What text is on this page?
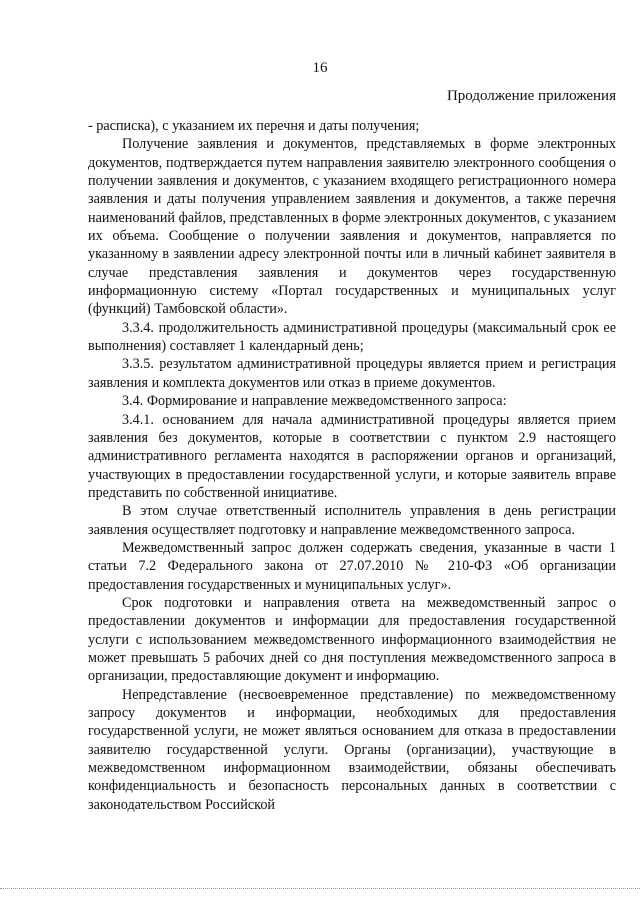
16
Продолжение приложения

- расписка), с указанием их перечня и даты получения;

Получение заявления и документов, представляемых в форме электронных документов, подтверждается путем направления заявителю электронного сообщения о получении заявления и документов, с указанием входящего регистрационного номера заявления и даты получения управлением заявления и документов, а также перечня наименований файлов, представленных в форме электронных документов, с указанием их объема. Сообщение о получении заявления и документов, направляется по указанному в заявлении адресу электронной почты или в личный кабинет заявителя в случае представления заявления и документов через государственную информационную систему «Портал государственных и муниципальных услуг (функций) Тамбовской области».

3.3.4. продолжительность административной процедуры (максимальный срок ее выполнения) составляет 1 календарный день;

3.3.5. результатом административной процедуры является прием и регистрация заявления и комплекта документов или отказ в приеме документов.

3.4. Формирование и направление межведомственного запроса:

3.4.1. основанием для начала административной процедуры является прием заявления без документов, которые в соответствии с пунктом 2.9 настоящего административного регламента находятся в распоряжении органов и организаций, участвующих в предоставлении государственной услуги, и которые заявитель вправе представить по собственной инициативе.

В этом случае ответственный исполнитель управления в день регистрации заявления осуществляет подготовку и направление межведомственного запроса.

Межведомственный запрос должен содержать сведения, указанные в части 1 статьи 7.2 Федерального закона от 27.07.2010 № 210-ФЗ «Об организации предоставления государственных и муниципальных услуг».

Срок подготовки и направления ответа на межведомственный запрос о предоставлении документов и информации для предоставления государственной услуги с использованием межведомственного информационного взаимодействия не может превышать 5 рабочих дней со дня поступления межведомственного запроса в организации, предоставляющие документ и информацию.

Непредставление (несвоевременное представление) по межведомственному запросу документов и информации, необходимых для предоставления государственной услуги, не может являться основанием для отказа в предоставлении заявителю государственной услуги. Органы (организации), участвующие в межведомственном информационном взаимодействии, обязаны обеспечивать конфиденциальность и безопасность персональных данных в соответствии с законодательством Российской
